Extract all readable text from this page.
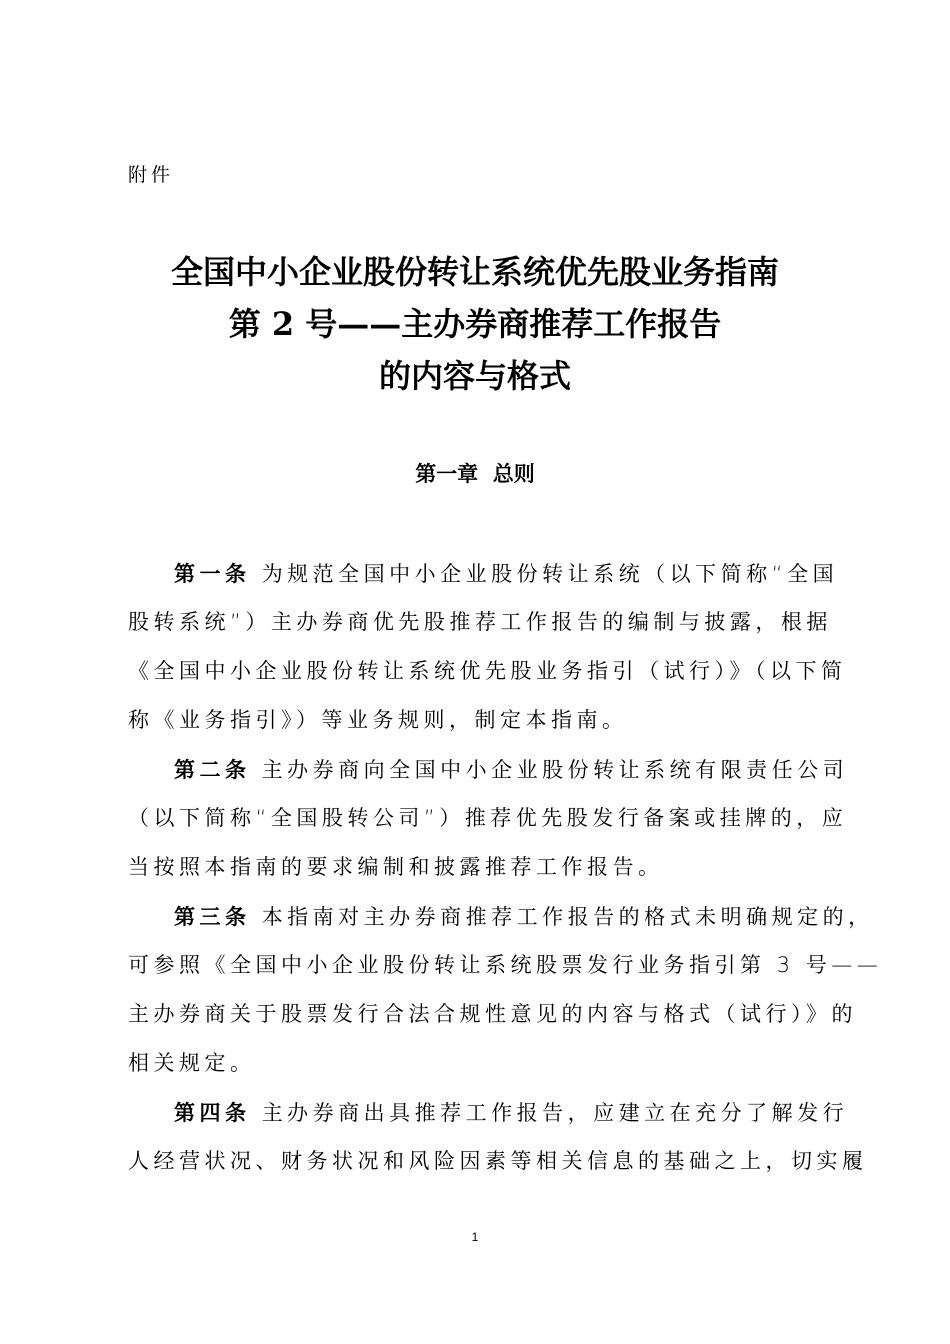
附件
全国中小企业股份转让系统优先股业务指南
第 2 号——主办券商推荐工作报告
的内容与格式
第一章  总则
第一条 为规范全国中小企业股份转让系统（以下简称“全国
股转系统”）主办券商优先股推荐工作报告的编制与披露，根据
《全国中小企业股份转让系统优先股业务指引（试行）》（以下简
称《业务指引》）等业务规则，制定本指南。
第二条 主办券商向全国中小企业股份转让系统有限责任公司
（以下简称“全国股转公司”）推荐优先股发行备案或挂牌的，应
当按照本指南的要求编制和披露推荐工作报告。
第三条 本指南对主办券商推荐工作报告的格式未明确规定的，
可参照《全国中小企业股份转让系统股票发行业务指引第 3 号——
主办券商关于股票发行合法合规性意见的内容与格式（试行）》的
相关规定。
第四条 主办券商出具推荐工作报告，应建立在充分了解发行
人经营状况、财务状况和风险因素等相关信息的基础之上，切实履
1
